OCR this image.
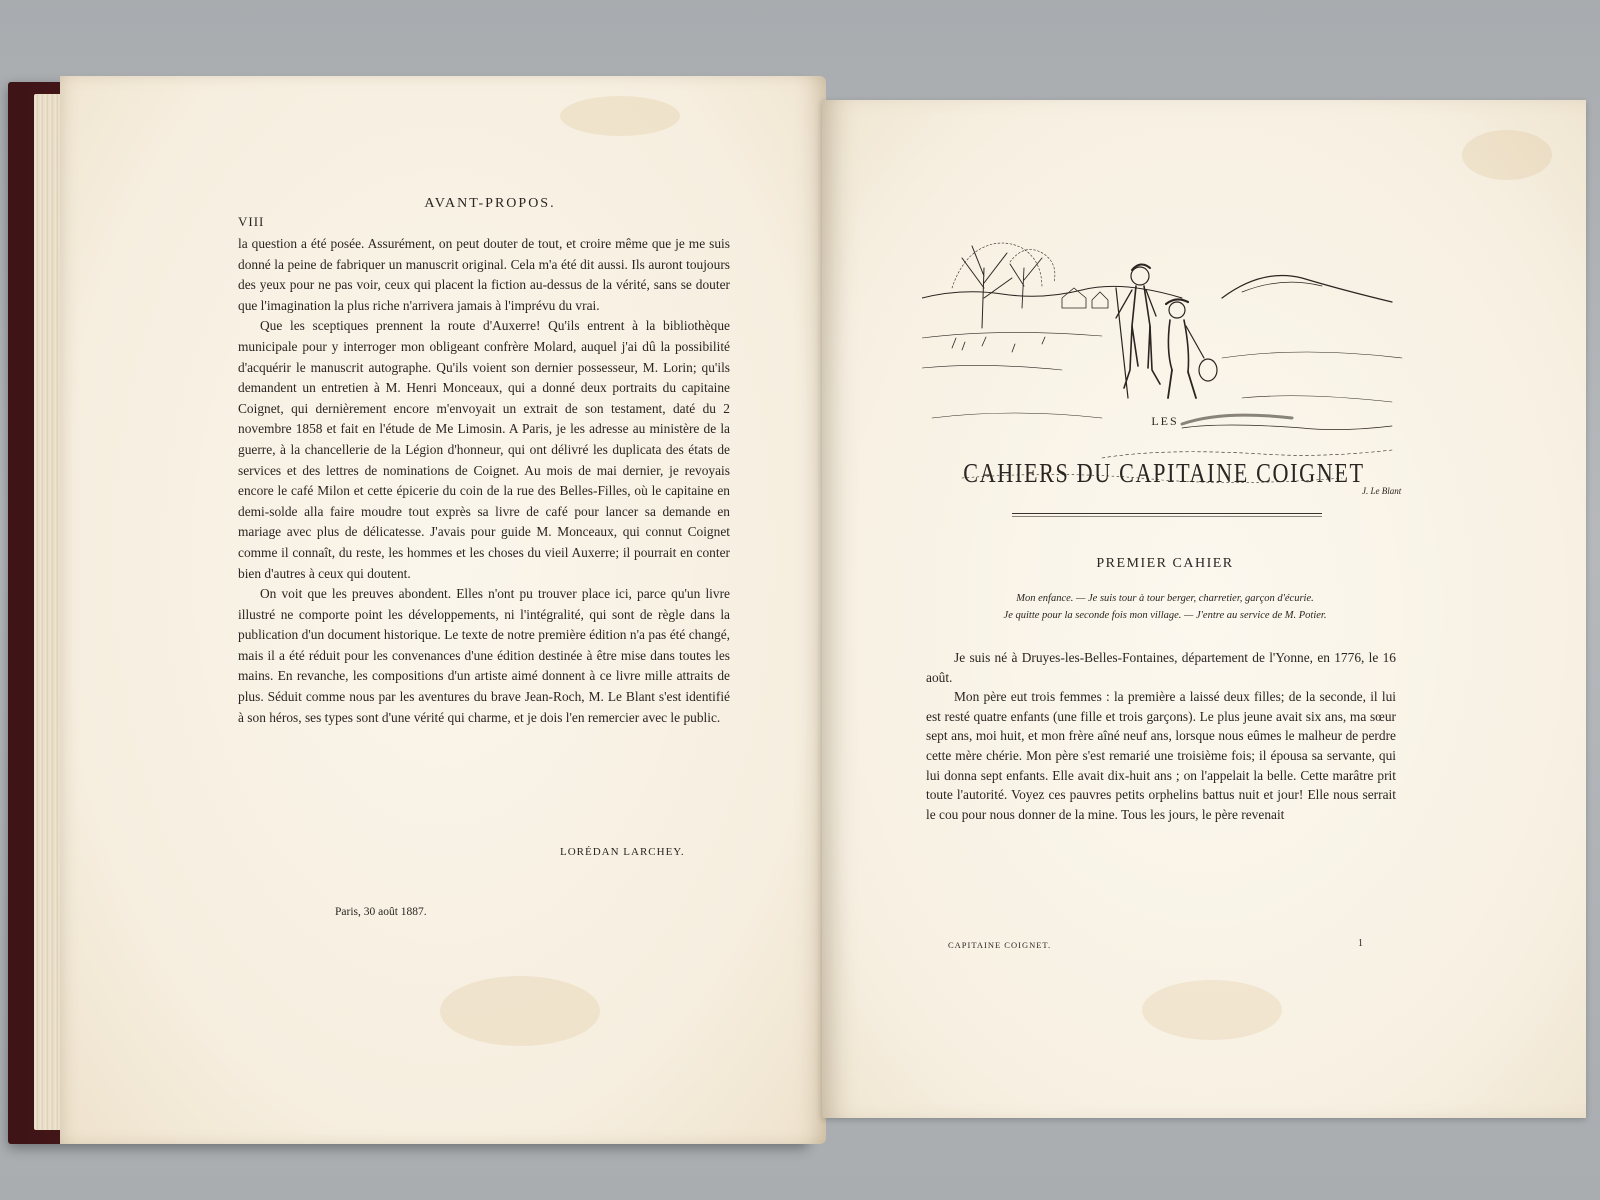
VIII
AVANT-PROPOS.

la question a été posée. Assurément, on peut douter de tout, et croire même que je me suis donné la peine de fabriquer un manuscrit original. Cela m'a été dit aussi. Ils auront toujours des yeux pour ne pas voir, ceux qui placent la fiction au-dessus de la vérité, sans se douter que l'imagination la plus riche n'arrivera jamais à l'imprévu du vrai.

Que les sceptiques prennent la route d'Auxerre! Qu'ils entrent à la bibliothèque municipale pour y interroger mon obligeant confrère Molard, auquel j'ai dû la possibilité d'acquérir le manuscrit autographe. Qu'ils voient son dernier possesseur, M. Lorin; qu'ils demandent un entretien à M. Henri Monceaux, qui a donné deux portraits du capitaine Coignet, qui dernièrement encore m'envoyait un extrait de son testament, daté du 2 novembre 1858 et fait en l'étude de Me Limosin. A Paris, je les adresse au ministère de la guerre, à la chancellerie de la Légion d'honneur, qui ont délivré les duplicata des états de services et des lettres de nominations de Coignet. Au mois de mai dernier, je revoyais encore le café Milon et cette épicerie du coin de la rue des Belles-Filles, où le capitaine en demi-solde alla faire moudre tout exprès sa livre de café pour lancer sa demande en mariage avec plus de délicatesse. J'avais pour guide M. Monceaux, qui connut Coignet comme il connaît, du reste, les hommes et les choses du vieil Auxerre; il pourrait en conter bien d'autres à ceux qui doutent.

On voit que les preuves abondent. Elles n'ont pu trouver place ici, parce qu'un livre illustré ne comporte point les développements, ni l'intégralité, qui sont de règle dans la publication d'un document historique. Le texte de notre première édition n'a pas été changé, mais il a été réduit pour les convenances d'une édition destinée à être mise dans toutes les mains. En revanche, les compositions d'un artiste aimé donnent à ce livre mille attraits de plus. Séduit comme nous par les aventures du brave Jean-Roch, M. Le Blant s'est identifié à son héros, ses types sont d'une vérité qui charme, et je dois l'en remercier avec le public.

LORÉDAN LARCHEY.
Paris, 30 août 1887.
J. Le Blant
LES
CAHIERS DU CAPITAINE COIGNET
PREMIER CAHIER
Mon enfance. — Je suis tour à tour berger, charretier, garçon d'écurie.
Je quitte pour la seconde fois mon village. — J'entre au service de M. Potier.

Je suis né à Druyes-les-Belles-Fontaines, département de l'Yonne, en 1776, le 16 août.

Mon père eut trois femmes : la première a laissé deux filles; de la seconde, il lui est resté quatre enfants (une fille et trois garçons). Le plus jeune avait six ans, ma sœur sept ans, moi huit, et mon frère aîné neuf ans, lorsque nous eûmes le malheur de perdre cette mère chérie. Mon père s'est remarié une troisième fois; il épousa sa servante, qui lui donna sept enfants. Elle avait dix-huit ans ; on l'appelait la belle. Cette marâtre prit toute l'autorité. Voyez ces pauvres petits orphelins battus nuit et jour! Elle nous serrait le cou pour nous donner de la mine. Tous les jours, le père revenait

CAPITAINE COIGNET.	1
